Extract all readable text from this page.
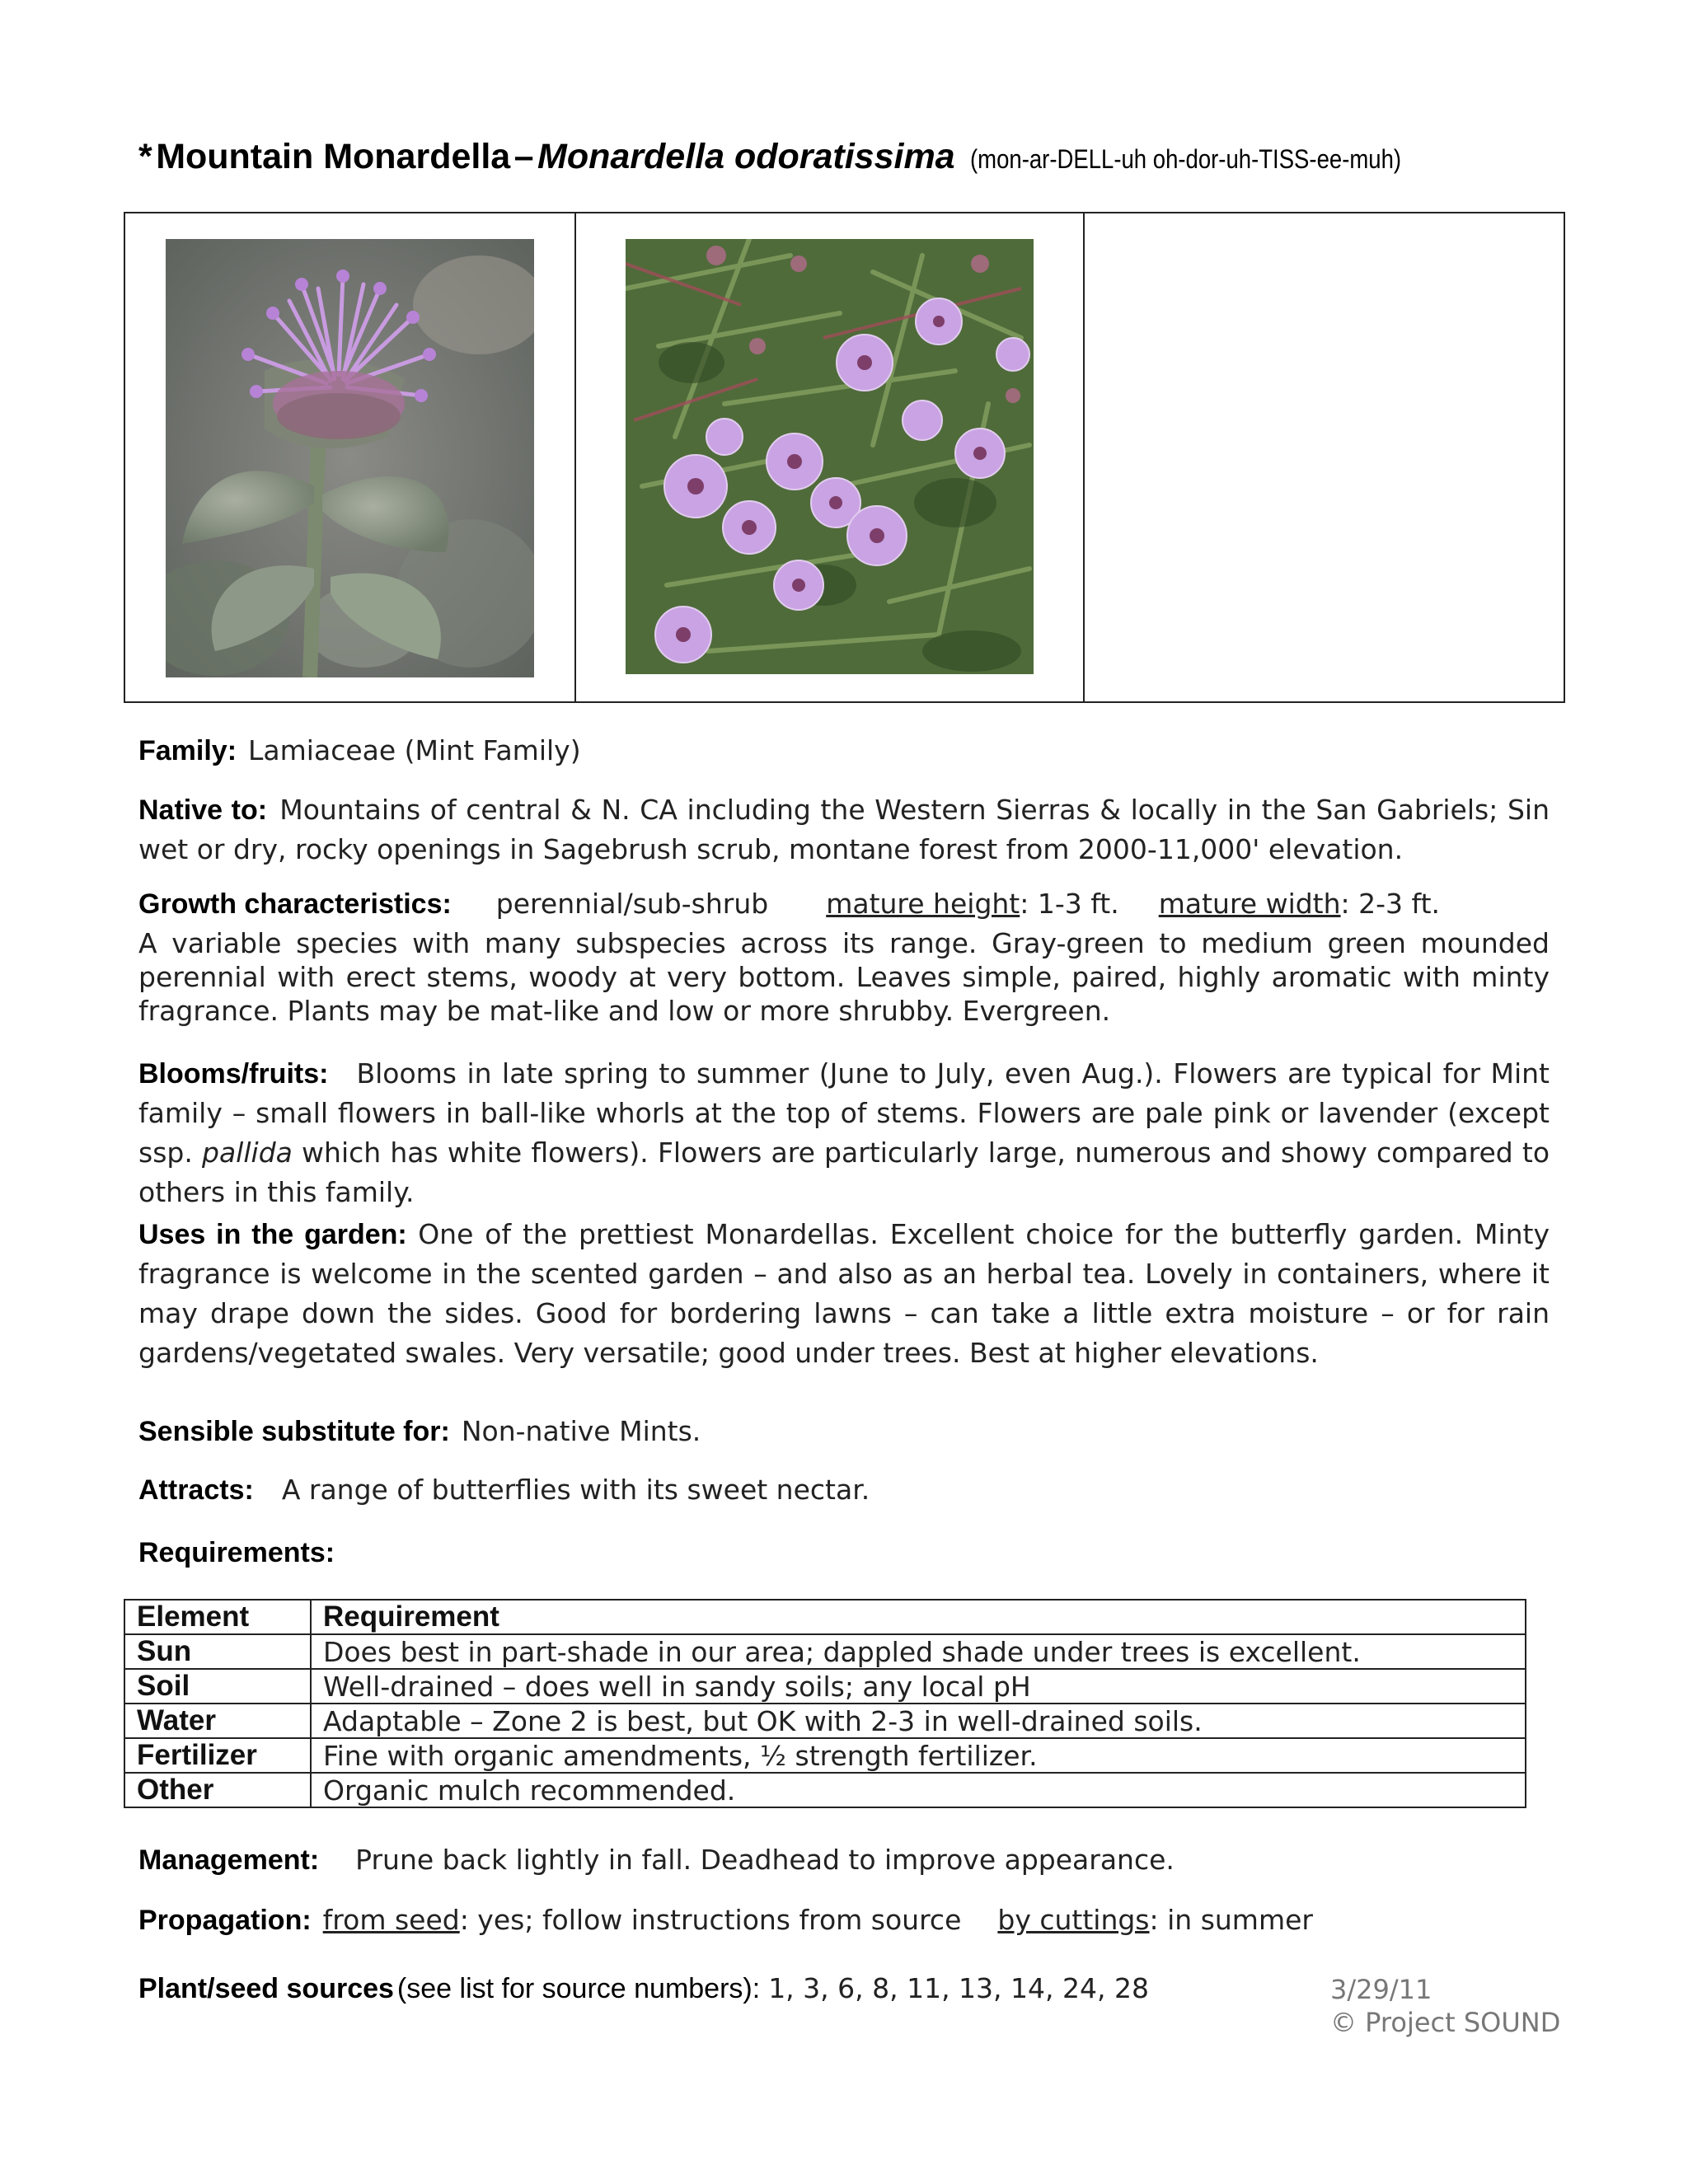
* Mountain Monardella – Monardella odoratissima (mon-ar-DELL-uh oh-dor-uh-TISS-ee-muh)
Family: Lamiaceae (Mint Family)
Native to: Mountains of central & N. CA including the Western Sierras & locally in the San Gabriels; Sin wet or dry, rocky openings in Sagebrush scrub, montane forest from 2000-11,000' elevation.
Growth characteristics: perennial/sub-shrub mature height: 1-3 ft. mature width: 2-3 ft.
A variable species with many subspecies across its range. Gray-green to medium green mounded perennial with erect stems, woody at very bottom. Leaves simple, paired, highly aromatic with minty fragrance. Plants may be mat-like and low or more shrubby. Evergreen.
Blooms/fruits: Blooms in late spring to summer (June to July, even Aug.). Flowers are typical for Mint family – small flowers in ball-like whorls at the top of stems. Flowers are pale pink or lavender (except ssp. pallida which has white flowers). Flowers are particularly large, numerous and showy compared to others in this family.
Uses in the garden: One of the prettiest Monardellas. Excellent choice for the butterfly garden. Minty fragrance is welcome in the scented garden – and also as an herbal tea. Lovely in containers, where it may drape down the sides. Good for bordering lawns – can take a little extra moisture – or for rain gardens/vegetated swales. Very versatile; good under trees. Best at higher elevations.
Sensible substitute for: Non-native Mints.
Attracts: A range of butterflies with its sweet nectar.
Requirements:
Element	Requirement
Sun	Does best in part-shade in our area; dappled shade under trees is excellent.
Soil	Well-drained – does well in sandy soils; any local pH
Water	Adaptable – Zone 2 is best, but OK with 2-3 in well-drained soils.
Fertilizer	Fine with organic amendments, ½ strength fertilizer.
Other	Organic mulch recommended.
Management: Prune back lightly in fall. Deadhead to improve appearance.
Propagation: from seed: yes; follow instructions from source by cuttings: in summer
Plant/seed sources (see list for source numbers): 1, 3, 6, 8, 11, 13, 14, 24, 28	3/29/11
© Project SOUND
